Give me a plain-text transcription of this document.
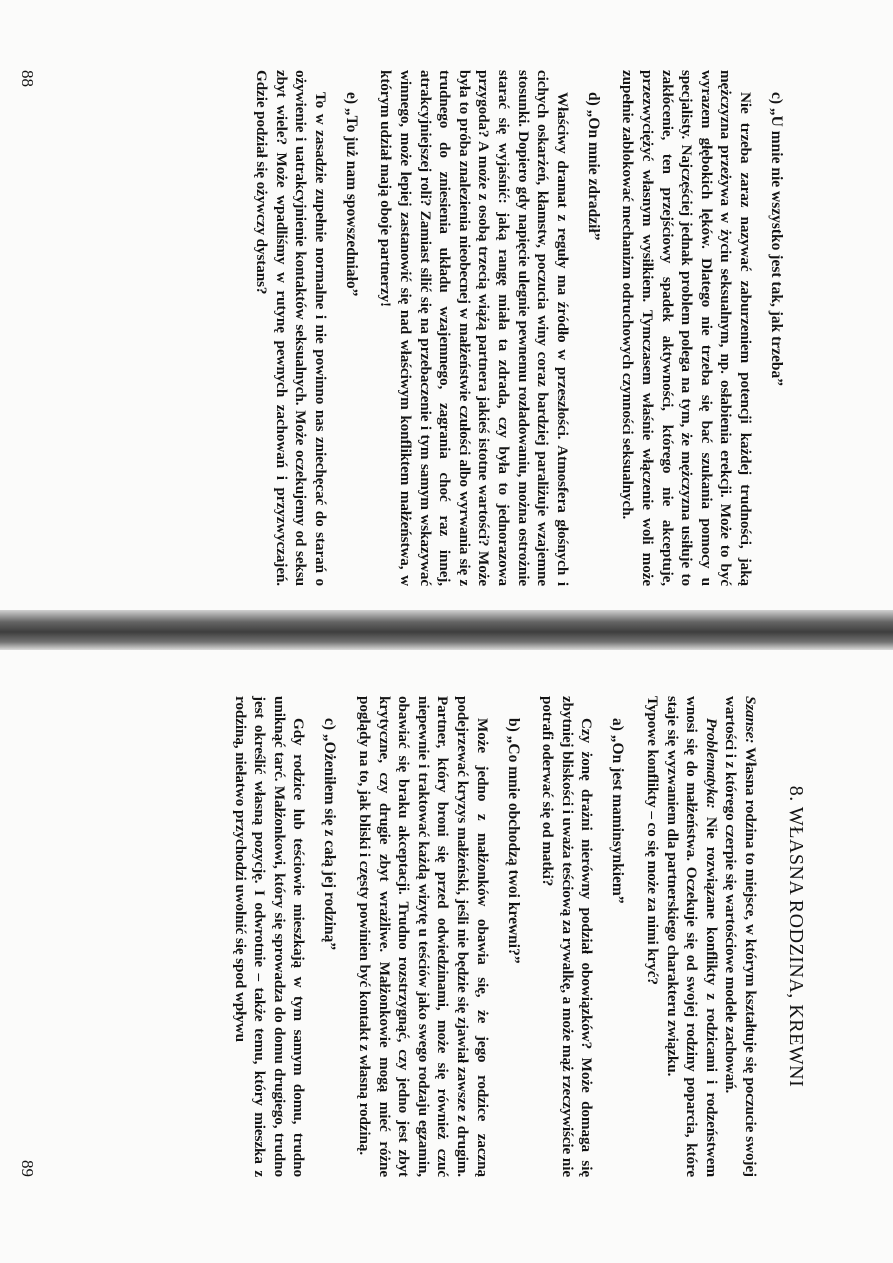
c) „U mnie nie wszystko jest tak, jak trzeba”

Nie trzeba zaraz nazywać zaburzeniem potencji każdej trudności, jaką mężczyzna przeżywa w życiu seksualnym, np. osłabienia erekcji. Może to być wyrazem głębokich lęków. Dlatego nie trzeba się bać szukania pomocy u specjalisty. Najczęściej jednak problem polega na tym, że mężczyzna usiłuje to zakłócenie, ten przejściowy spadek aktywności, którego nie akceptuje, przezwyciężyć własnym wysiłkiem. Tymczasem właśnie włączenie woli może zupełnie zablokować mechanizm odruchowych czynności seksualnych.

d) „On mnie zdradził”

Właściwy dramat z reguły ma źródło w przeszłości. Atmosfera głośnych i cichych oskarżeń, kłamstw, poczucia winy coraz bardziej paraliżuje wzajemne stosunki. Dopiero gdy napięcie ulegnie pewnemu rozładowaniu, można ostrożnie starać się wyjaśnić: jaką rangę miała ta zdrada, czy była to jednorazowa przygoda? A może z osobą trzecią wiążą partnera jakieś istotne wartości? Może była to próba znalezienia nieobecnej w małżeństwie czułości albo wyrwania się z trudnego do zniesienia układu wzajemnego, zagrania choć raz innej, atrakcyjniejszej roli? Zamiast silić się na przebaczenie i tym samym wskazywać winnego, może lepiej zastanowić się nad właściwym konfliktem małżeństwa, w którym udział mają oboje partnerzy!

e) „To już nam spowszedniało”

To w zasadzie zupełnie normalne i nie powinno nas zniechęcać do starań o ożywienie i uatrakcyjnienie kontaktów seksualnych. Może oczekujemy od seksu zbyt wiele? Może wpadliśmy w rutynę pewnych zachowań i przyzwyczajeń. Gdzie podział się ożywczy dystans?

88
8. WŁASNA RODZINA, KREWNI

Szanse: Własna rodzina to miejsce, w którym kształtuje się poczucie swojej wartości i z którego czerpie się wartościowe modele zachowań.

Problematyka: Nie rozwiązane konflikty z rodzicami i rodzeństwem wnosi się do małżeństwa. Oczekuje się od swojej rodziny poparcia, które staje się wyzwaniem dla partnerskiego charakteru związku.

Typowe konflikty – co się może za nimi kryć?

a) „On jest maminsynkiem”

Czy żonę drażni nierówny podział obowiązków? Może domaga się zbytniej bliskości i uważa teściową za rywalkę, a może mąż rzeczywiście nie potrafi oderwać się od matki?

b) „Co mnie obchodzą twoi krewni?”

Może jedno z małżonków obawia się, że jego rodzice zaczną podejrzewać kryzys małżeński, jeśli nie będzie się zjawiał zawsze z drugim. Partner, który broni się przed odwiedzinami, może się również czuć niepewnie i traktować każdą wizytę u teściów jako swego rodzaju egzamin, obawiać się braku akceptacji. Trudno rozstrzygnąć, czy jedno jest zbyt krytyczne, czy drugie zbyt wrażliwe. Małżonkowie mogą mieć różne poglądy na to, jak bliski i częsty powinien być kontakt z własną rodziną.

c) „Ożeniłem się z całą jej rodziną”

Gdy rodzice lub teściowie mieszkają w tym samym domu, trudno uniknąć tarć. Małżonkowi, który się sprowadza do domu drugiego, trudno jest określić własną pozycję. I odwrotnie – także temu, który mieszka z rodziną, niełatwo przychodzi uwolnić się spod wpływu

89
